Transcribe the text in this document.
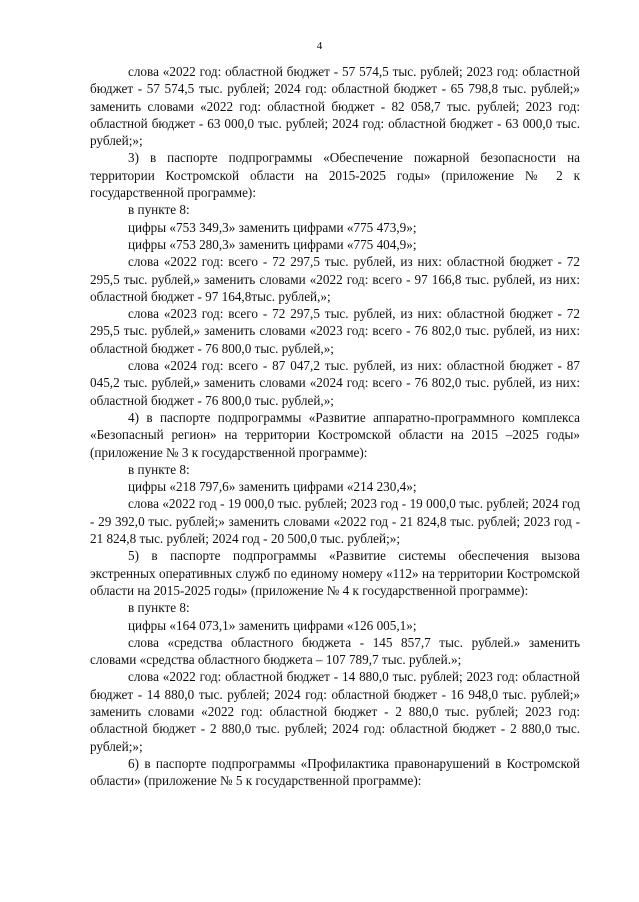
4

слова «2022 год: областной бюджет - 57 574,5 тыс. рублей; 2023 год: областной бюджет - 57 574,5 тыс. рублей; 2024 год: областной бюджет - 65 798,8 тыс. рублей;» заменить словами «2022 год: областной бюджет - 82 058,7 тыс. рублей; 2023 год: областной бюджет - 63 000,0 тыс. рублей; 2024 год: областной бюджет - 63 000,0 тыс. рублей;»;

3) в паспорте подпрограммы «Обеспечение пожарной безопасности на территории Костромской области на 2015-2025 годы» (приложение № 2 к государственной программе):

в пункте 8:

цифры «753 349,3» заменить цифрами «775 473,9»;

цифры «753 280,3» заменить цифрами «775 404,9»;

слова «2022 год: всего - 72 297,5 тыс. рублей, из них: областной бюджет - 72 295,5 тыс. рублей,» заменить словами «2022 год: всего - 97 166,8 тыс. рублей, из них: областной бюджет - 97 164,8тыс. рублей,»;

слова «2023 год: всего - 72 297,5 тыс. рублей, из них: областной бюджет - 72 295,5 тыс. рублей,» заменить словами «2023 год: всего - 76 802,0 тыс. рублей, из них: областной бюджет - 76 800,0 тыс. рублей,»;

слова «2024 год: всего - 87 047,2 тыс. рублей, из них: областной бюджет - 87 045,2 тыс. рублей,» заменить словами «2024 год: всего - 76 802,0 тыс. рублей, из них: областной бюджет - 76 800,0 тыс. рублей,»;

4) в паспорте подпрограммы «Развитие аппаратно-программного комплекса «Безопасный регион» на территории Костромской области на 2015 –2025 годы» (приложение № 3 к государственной программе):

в пункте 8:

цифры «218 797,6» заменить цифрами «214 230,4»;

слова «2022 год - 19 000,0 тыс. рублей; 2023 год - 19 000,0 тыс. рублей; 2024 год - 29 392,0 тыс. рублей;» заменить словами «2022 год - 21 824,8 тыс. рублей; 2023 год - 21 824,8 тыс. рублей; 2024 год - 20 500,0 тыс. рублей;»;

5) в паспорте подпрограммы «Развитие системы обеспечения вызова экстренных оперативных служб по единому номеру «112» на территории Костромской области на 2015-2025 годы» (приложение № 4 к государственной программе):

в пункте 8:

цифры «164 073,1» заменить цифрами «126 005,1»;

слова «средства областного бюджета - 145 857,7 тыс. рублей.» заменить словами «средства областного бюджета – 107 789,7 тыс. рублей.»;

слова «2022 год: областной бюджет - 14 880,0 тыс. рублей; 2023 год: областной бюджет - 14 880,0 тыс. рублей; 2024 год: областной бюджет - 16 948,0 тыс. рублей;» заменить словами «2022 год: областной бюджет - 2 880,0 тыс. рублей; 2023 год: областной бюджет - 2 880,0 тыс. рублей; 2024 год: областной бюджет - 2 880,0 тыс. рублей;»;

6) в паспорте подпрограммы «Профилактика правонарушений в Костромской области» (приложение № 5 к государственной программе):
